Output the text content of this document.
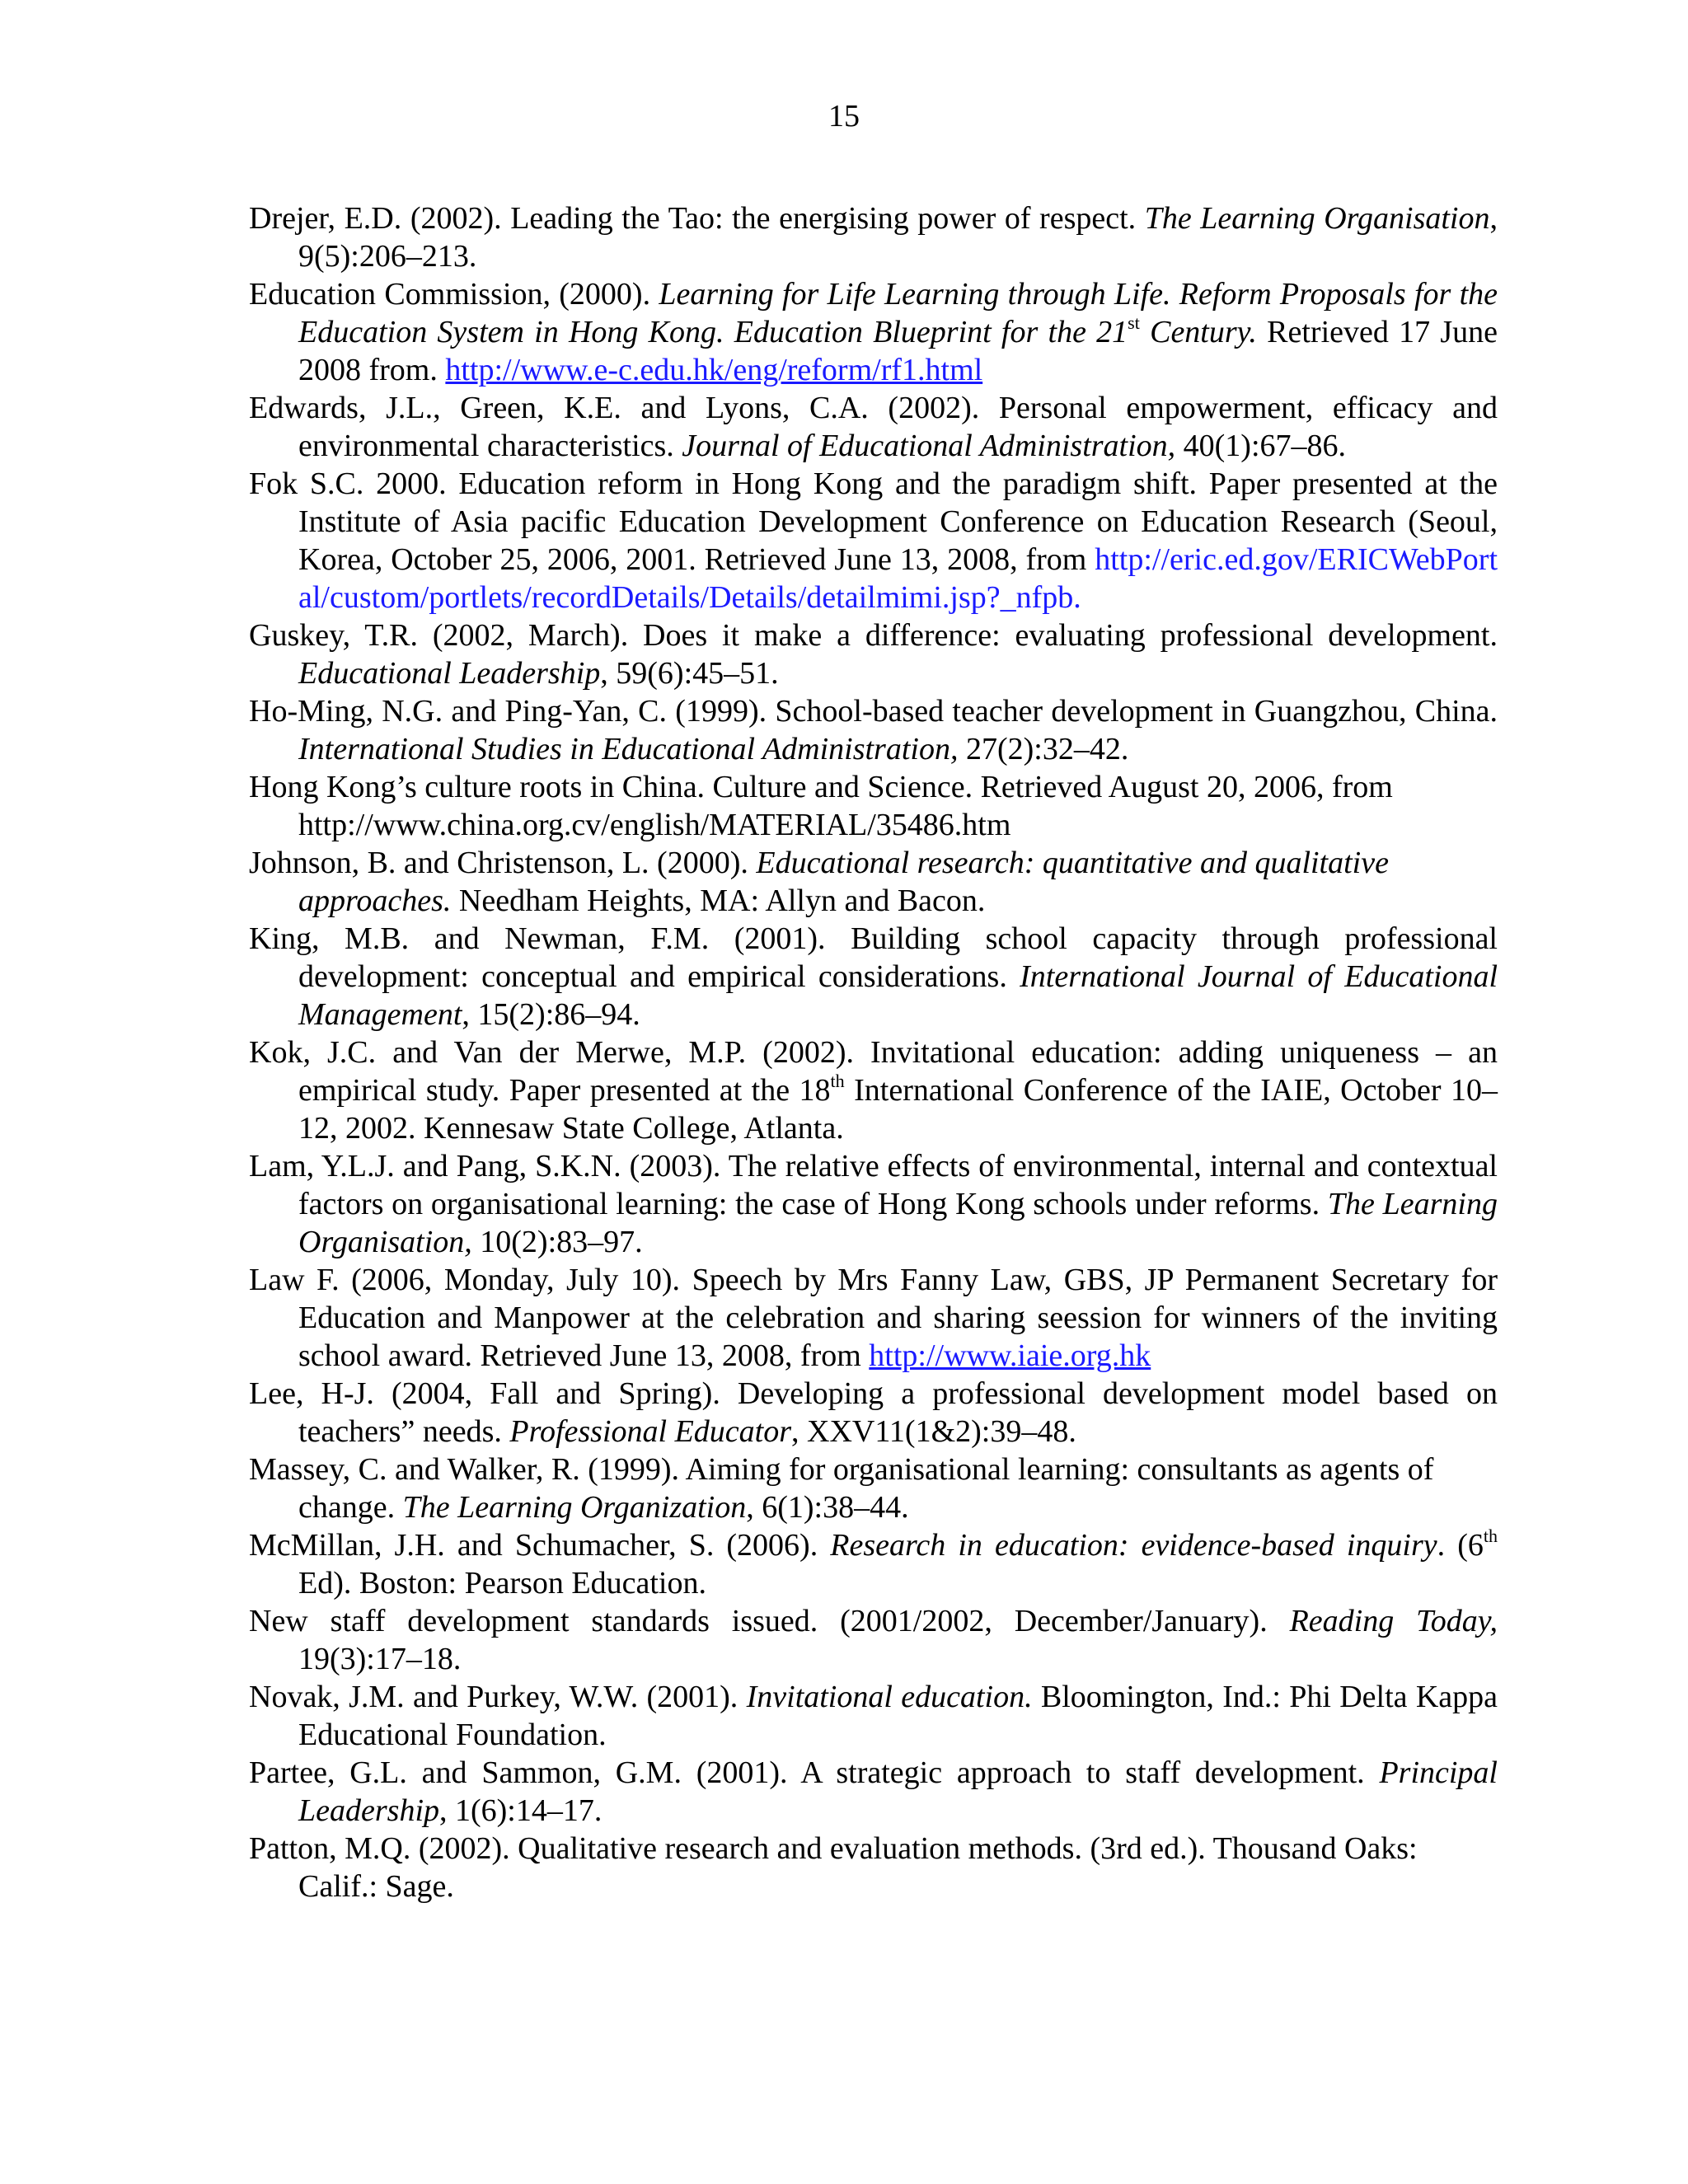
15

Drejer, E.D. (2002). Leading the Tao: the energising power of respect. The Learning Organisation, 9(5):206–213.

Education Commission, (2000). Learning for Life Learning through Life. Reform Proposals for the Education System in Hong Kong. Education Blueprint for the 21st Century. Retrieved 17 June 2008 from. http://www.e-c.edu.hk/eng/reform/rf1.html

Edwards, J.L., Green, K.E. and Lyons, C.A. (2002). Personal empowerment, efficacy and environmental characteristics. Journal of Educational Administration, 40(1):67–86.

Fok S.C. 2000. Education reform in Hong Kong and the paradigm shift. Paper presented at the Institute of Asia pacific Education Development Conference on Education Research (Seoul, Korea, October 25, 2006, 2001. Retrieved June 13, 2008, from http://eric.ed.gov/ERICWebPortal/custom/portlets/recordDetails/Details/detailmimi.jsp?_nfpb.

Guskey, T.R. (2002, March). Does it make a difference: evaluating professional development. Educational Leadership, 59(6):45–51.

Ho-Ming, N.G. and Ping-Yan, C. (1999). School-based teacher development in Guangzhou, China. International Studies in Educational Administration, 27(2):32–42.

Hong Kong’s culture roots in China. Culture and Science. Retrieved August 20, 2006, from http://www.china.org.cv/english/MATERIAL/35486.htm

Johnson, B. and Christenson, L. (2000). Educational research: quantitative and qualitative approaches. Needham Heights, MA: Allyn and Bacon.

King, M.B. and Newman, F.M. (2001). Building school capacity through professional development: conceptual and empirical considerations. International Journal of Educational Management, 15(2):86–94.

Kok, J.C. and Van der Merwe, M.P. (2002). Invitational education: adding uniqueness – an empirical study. Paper presented at the 18th International Conference of the IAIE, October 10–12, 2002. Kennesaw State College, Atlanta.

Lam, Y.L.J. and Pang, S.K.N. (2003). The relative effects of environmental, internal and contextual factors on organisational learning: the case of Hong Kong schools under reforms. The Learning Organisation, 10(2):83–97.

Law F. (2006, Monday, July 10). Speech by Mrs Fanny Law, GBS, JP Permanent Secretary for Education and Manpower at the celebration and sharing seession for winners of the inviting school award. Retrieved June 13, 2008, from http://www.iaie.org.hk

Lee, H-J. (2004, Fall and Spring). Developing a professional development model based on teachers” needs. Professional Educator, XXV11(1&2):39–48.

Massey, C. and Walker, R. (1999). Aiming for organisational learning: consultants as agents of change. The Learning Organization, 6(1):38–44.

McMillan, J.H. and Schumacher, S. (2006). Research in education: evidence-based inquiry. (6th Ed). Boston: Pearson Education.

New staff development standards issued. (2001/2002, December/January). Reading Today, 19(3):17–18.

Novak, J.M. and Purkey, W.W. (2001). Invitational education. Bloomington, Ind.: Phi Delta Kappa Educational Foundation.

Partee, G.L. and Sammon, G.M. (2001). A strategic approach to staff development. Principal Leadership, 1(6):14–17.

Patton, M.Q. (2002). Qualitative research and evaluation methods. (3rd ed.). Thousand Oaks: Calif.: Sage.
